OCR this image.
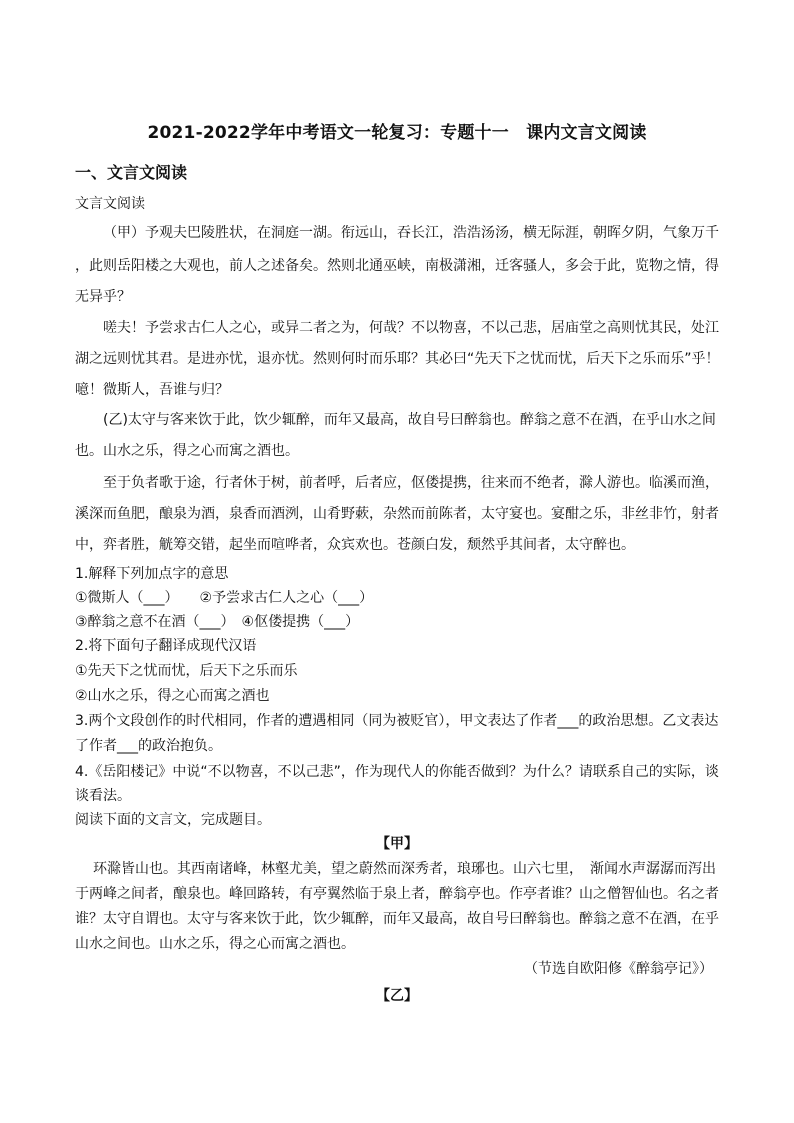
2021-2022学年中考语文一轮复习：专题十一　课内文言文阅读
一、文言文阅读
文言文阅读
（甲）予观夫巴陵胜状，在洞庭一湖。衔远山，吞长江，浩浩汤汤，横无际涯，朝晖夕阴，气象万千
，此则岳阳楼之大观也，前人之述备矣。然则北通巫峡，南极潇湘，迁客骚人，多会于此，览物之情，得
无异乎？
嗟夫！予尝求古仁人之心，或异二者之为，何哉？不以物喜，不以己悲，居庙堂之高则忧其民，处江
湖之远则忧其君。是进亦忧，退亦忧。然则何时而乐耶？其必曰“先天下之忧而忧，后天下之乐而乐”乎！
噫！微斯人，吾谁与归？
(乙)太守与客来饮于此，饮少辄醉，而年又最高，故自号曰醉翁也。醉翁之意不在酒，在乎山水之间
也。山水之乐，得之心而寓之酒也。
至于负者歌于途，行者休于树，前者呼，后者应，伛偻提携，往来而不绝者，滁人游也。临溪而渔，
溪深而鱼肥，酿泉为酒，泉香而酒洌，山肴野蔌，杂然而前陈者，太守宴也。宴酣之乐，非丝非竹，射者
中，弈者胜，觥筹交错，起坐而喧哗者，众宾欢也。苍颜白发，颓然乎其间者，太守醉也。
1.解释下列加点字的意思
①微斯人（___）　　②予尝求古仁人之心（___）
③醉翁之意不在酒（___）　④伛偻提携（___）
2.将下面句子翻译成现代汉语
①先天下之忧而忧，后天下之乐而乐
②山水之乐，得之心而寓之酒也
3.两个文段创作的时代相同，作者的遭遇相同（同为被贬官），甲文表达了作者___的政治思想。乙文表达
了作者___的政治抱负。
4.《岳阳楼记》中说“不以物喜，不以己悲”，作为现代人的你能否做到？为什么？请联系自己的实际，谈
谈看法。
阅读下面的文言文，完成题目。
【甲】
环滁皆山也。其西南诸峰，林壑尤美，望之蔚然而深秀者，琅琊也。山六七里，　渐闻水声潺潺而泻出
于两峰之间者，酿泉也。峰回路转，有亭翼然临于泉上者，醉翁亭也。作亭者谁？山之僧智仙也。名之者
谁？太守自谓也。太守与客来饮于此，饮少辄醉，而年又最高，故自号曰醉翁也。醉翁之意不在酒，在乎
山水之间也。山水之乐，得之心而寓之酒也。
（节选自欧阳修《醉翁亭记》）
【乙】
